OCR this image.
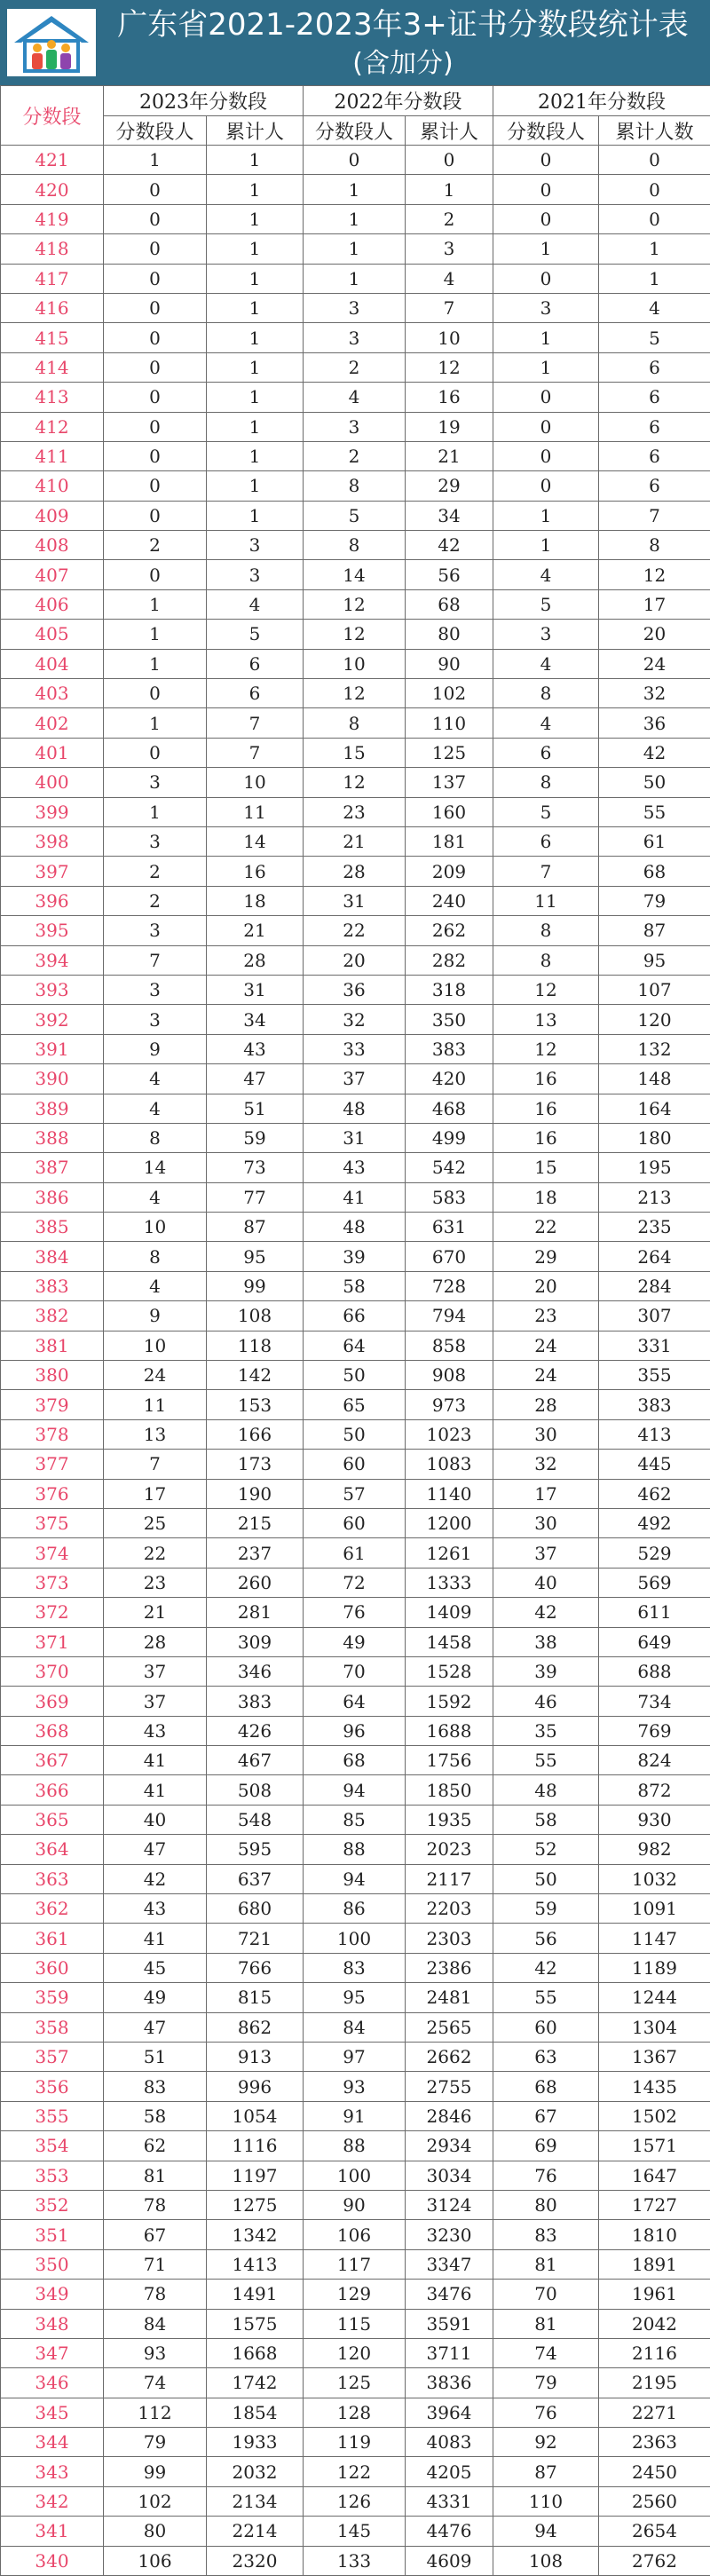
广东省2021-2023年3+证书分数段统计表
(含加分)
分数段	2023年分数段		2022年分数段		2021年分数段	
	分数段人	累计人	分数段人	累计人	分数段人	累计人数
421	1	1	0	0	0	0
420	0	1	1	1	0	0
419	0	1	1	2	0	0
418	0	1	1	3	1	1
417	0	1	1	4	0	1
416	0	1	3	7	3	4
415	0	1	3	10	1	5
414	0	1	2	12	1	6
413	0	1	4	16	0	6
412	0	1	3	19	0	6
411	0	1	2	21	0	6
410	0	1	8	29	0	6
409	0	1	5	34	1	7
408	2	3	8	42	1	8
407	0	3	14	56	4	12
406	1	4	12	68	5	17
405	1	5	12	80	3	20
404	1	6	10	90	4	24
403	0	6	12	102	8	32
402	1	7	8	110	4	36
401	0	7	15	125	6	42
400	3	10	12	137	8	50
399	1	11	23	160	5	55
398	3	14	21	181	6	61
397	2	16	28	209	7	68
396	2	18	31	240	11	79
395	3	21	22	262	8	87
394	7	28	20	282	8	95
393	3	31	36	318	12	107
392	3	34	32	350	13	120
391	9	43	33	383	12	132
390	4	47	37	420	16	148
389	4	51	48	468	16	164
388	8	59	31	499	16	180
387	14	73	43	542	15	195
386	4	77	41	583	18	213
385	10	87	48	631	22	235
384	8	95	39	670	29	264
383	4	99	58	728	20	284
382	9	108	66	794	23	307
381	10	118	64	858	24	331
380	24	142	50	908	24	355
379	11	153	65	973	28	383
378	13	166	50	1023	30	413
377	7	173	60	1083	32	445
376	17	190	57	1140	17	462
375	25	215	60	1200	30	492
374	22	237	61	1261	37	529
373	23	260	72	1333	40	569
372	21	281	76	1409	42	611
371	28	309	49	1458	38	649
370	37	346	70	1528	39	688
369	37	383	64	1592	46	734
368	43	426	96	1688	35	769
367	41	467	68	1756	55	824
366	41	508	94	1850	48	872
365	40	548	85	1935	58	930
364	47	595	88	2023	52	982
363	42	637	94	2117	50	1032
362	43	680	86	2203	59	1091
361	41	721	100	2303	56	1147
360	45	766	83	2386	42	1189
359	49	815	95	2481	55	1244
358	47	862	84	2565	60	1304
357	51	913	97	2662	63	1367
356	83	996	93	2755	68	1435
355	58	1054	91	2846	67	1502
354	62	1116	88	2934	69	1571
353	81	1197	100	3034	76	1647
352	78	1275	90	3124	80	1727
351	67	1342	106	3230	83	1810
350	71	1413	117	3347	81	1891
349	78	1491	129	3476	70	1961
348	84	1575	115	3591	81	2042
347	93	1668	120	3711	74	2116
346	74	1742	125	3836	79	2195
345	112	1854	128	3964	76	2271
344	79	1933	119	4083	92	2363
343	99	2032	122	4205	87	2450
342	102	2134	126	4331	110	2560
341	80	2214	145	4476	94	2654
340	106	2320	133	4609	108	2762
